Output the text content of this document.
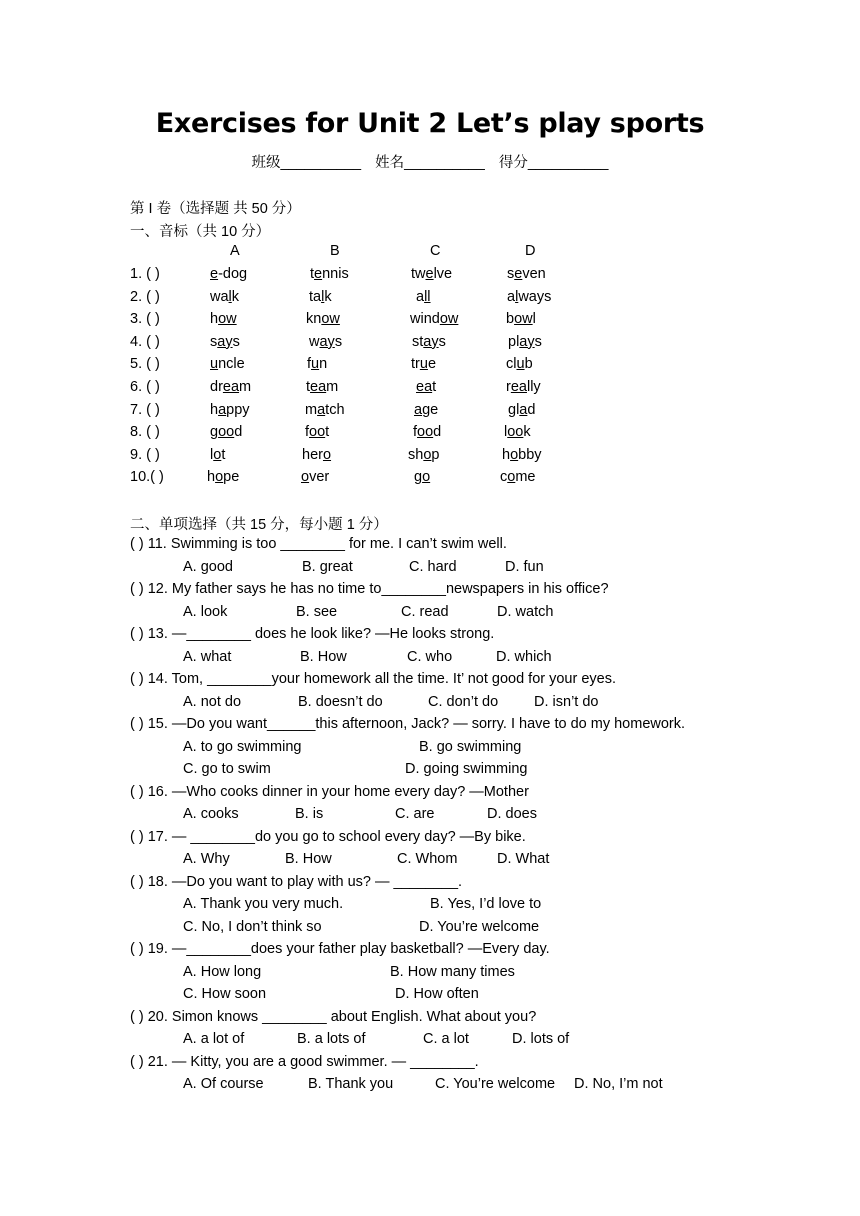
Exercises for Unit 2 Let’s play sports
班级__________ 姓名__________ 得分__________
第 I 卷（选择题 共 50 分）
一、音标（共 10 分）
A	B	C	D
1. ( )	e-dog	tennis	twelve	seven
2. ( )	walk	talk	all	always
3. ( )	how	know	window	bowl
4. ( )	says	ways	stays	plays
5. ( )	uncle	fun	true	club
6. ( )	dream	team	eat	really
7. ( )	happy	match	age	glad
8. ( )	good	foot	food	look
9. ( )	lot	hero	shop	hobby
10.( )	hope	over	go	come
二、单项选择（共 15 分，每小题 1 分）
( ) 11. Swimming is too ________ for me. I can’t swim well.
A. good	B. great	C. hard	D. fun
( ) 12. My father says he has no time to________newspapers in his office?
A. look	B. see	C. read	D. watch
( ) 13. —________ does he look like? —He looks strong.
A. what	B. How	C. who	D. which
( ) 14. Tom, ________your homework all the time. It’ not good for your eyes.
A. not do	B. doesn’t do	C. don’t do D. isn’t do
( ) 15. —Do you want______this afternoon, Jack? — sorry. I have to do my homework.
A. to go swimming	B. go swimming
C. go to swim	D. going swimming
( ) 16. —Who cooks dinner in your home every day? —Mother
A. cooks	B. is	C. are	D. does
( ) 17. — ________do you go to school every day? —By bike.
A. Why	B. How	C. Whom	D. What
( ) 18. —Do you want to play with us? — ________.
A. Thank you very much.	B. Yes, I’d love to
C. No, I don’t think so	D. You’re welcome
( ) 19. —________does your father play basketball? —Every day.
A. How long	B. How many times
C. How soon	D. How often
( ) 20. Simon knows ________ about English. What about you?
A. a lot of	B. a lots of	C. a lot	D. lots of
( ) 21. — Kitty, you are a good swimmer. — ________.
A. Of course	B. Thank you	C. You’re welcome D. No, I’m not
